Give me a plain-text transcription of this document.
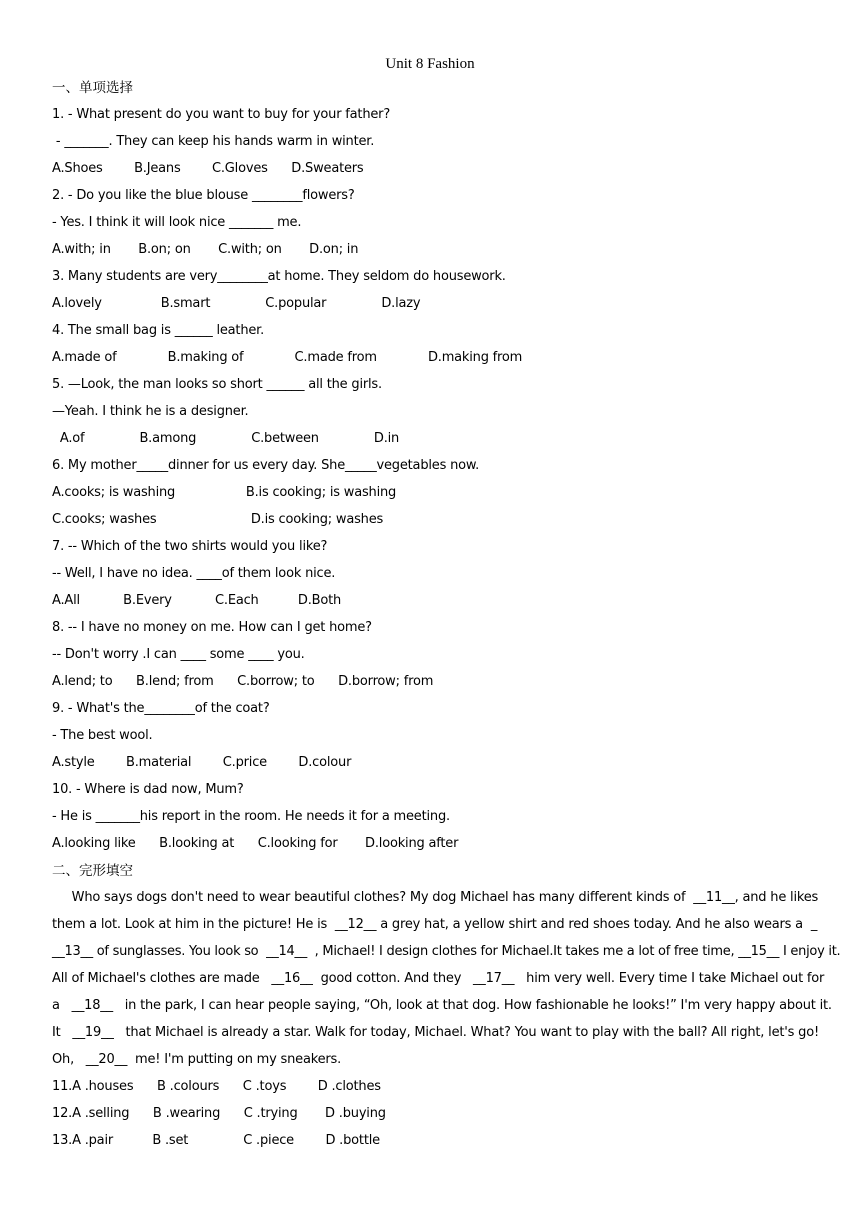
Unit 8 Fashion
一、单项选择
1. - What present do you want to buy for your father?
- _______. They can keep his hands warm in winter.
A.Shoes        B.Jeans        C.Gloves      D.Sweaters
2. - Do you like the blue blouse ________flowers?
- Yes. I think it will look nice _______ me.
A.with; in       B.on; on       C.with; on       D.on; in
3. Many students are very________at home. They seldom do housework.
A.lovely               B.smart              C.popular              D.lazy
4. The small bag is ______ leather.
A.made of             B.making of             C.made from             D.making from
5. —Look, the man looks so short ______ all the girls.
—Yeah. I think he is a designer.
A.of              B.among              C.between              D.in
6. My mother_____dinner for us every day. She_____vegetables now.
A.cooks; is washing                  B.is cooking; is washing
C.cooks; washes                        D.is cooking; washes
7. -- Which of the two shirts would you like?
-- Well, I have no idea. ____of them look nice.
A.All           B.Every           C.Each          D.Both
8. -- I have no money on me. How can I get home?
-- Don't worry .I can ____ some ____ you.
A.lend; to      B.lend; from      C.borrow; to      D.borrow; from
9. - What's the________of the coat?
- The best wool.
A.style        B.material        C.price        D.colour
10. - Where is dad now, Mum?
- He is _______his report in the room. He needs it for a meeting.
A.looking like      B.looking at      C.looking for       D.looking after
二、完形填空
Who says dogs don't need to wear beautiful clothes? My dog Michael has many different kinds of  __11__, and he likes
them a lot. Look at him in the picture! He is  __12__ a grey hat, a yellow shirt and red shoes today. And he also wears a  _
__13__ of sunglasses. You look so  __14__  , Michael! I design clothes for Michael.It takes me a lot of free time, __15__ I enjoy it.
All of Michael's clothes are made   __16__  good cotton. And they   __17__   him very well. Every time I take Michael out for
a   __18__   in the park, I can hear people saying, “Oh, look at that dog. How fashionable he looks!” I'm very happy about it.
It   __19__   that Michael is already a star. Walk for today, Michael. What? You want to play with the ball? All right, let's go!
Oh,   __20__  me! I'm putting on my sneakers.
11.A .houses      B .colours      C .toys        D .clothes
12.A .selling      B .wearing      C .trying       D .buying
13.A .pair          B .set              C .piece        D .bottle
